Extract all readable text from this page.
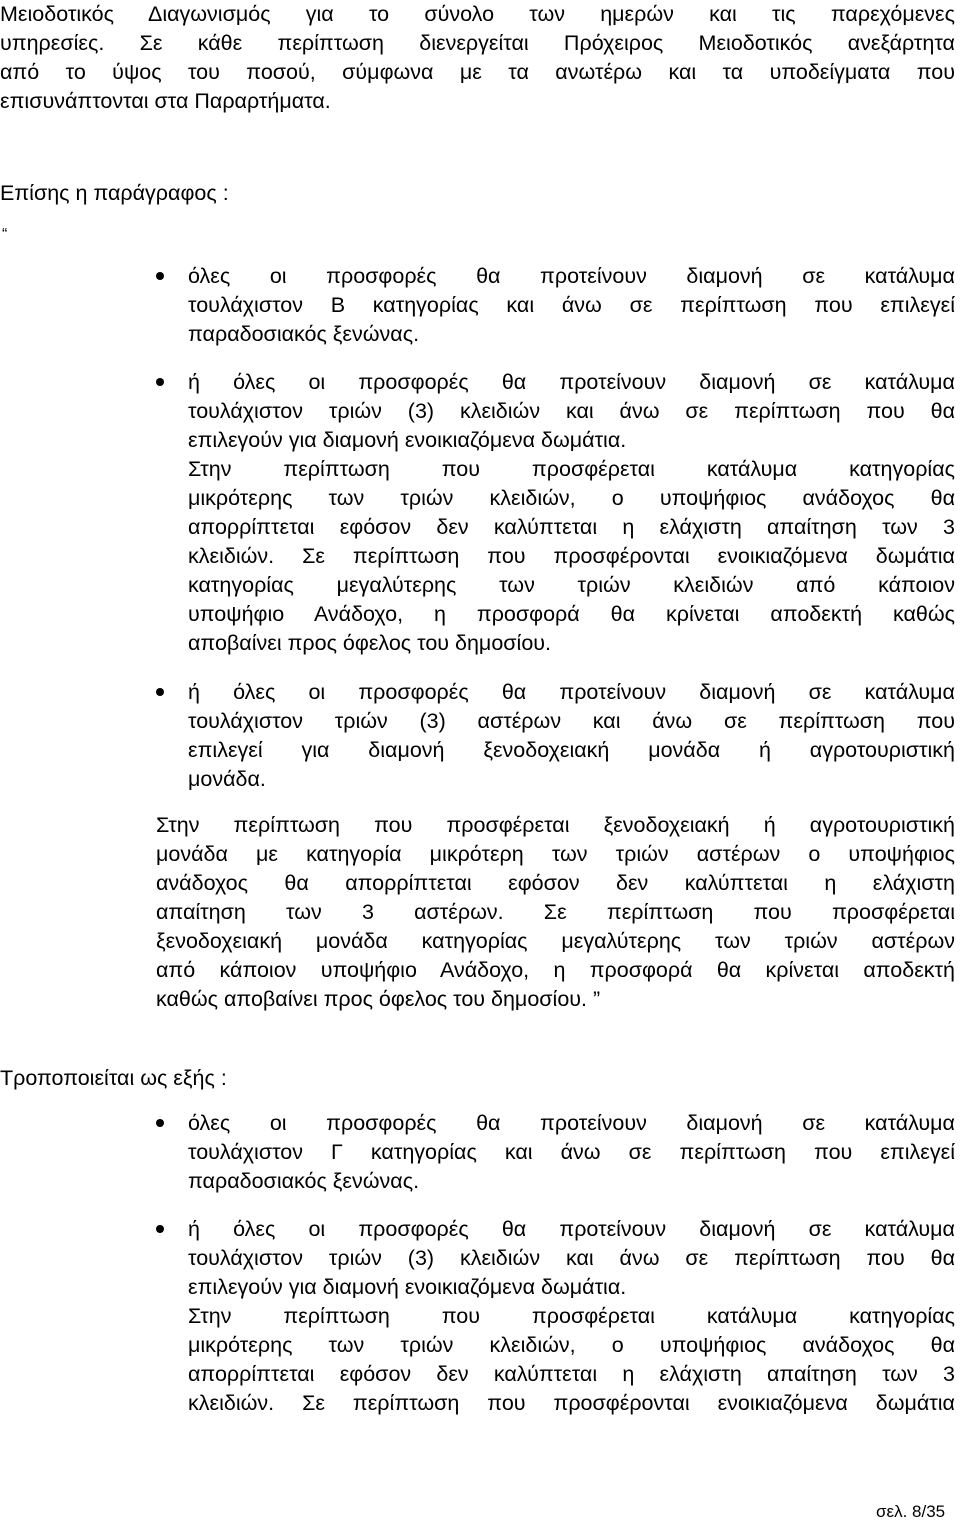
Μειοδοτικός Διαγωνισμός για το σύνολο των ημερών και τις παρεχόμενες
υπηρεσίες. Σε κάθε περίπτωση διενεργείται Πρόχειρος Μειοδοτικός ανεξάρτητα
από το ύψος του ποσού, σύμφωνα με τα ανωτέρω και τα υποδείγματα που
επισυνάπτονται στα Παραρτήματα.
Επίσης η παράγραφος :
“
όλες οι προσφορές θα προτείνουν διαμονή σε κατάλυμα
τουλάχιστον Β κατηγορίας και άνω σε περίπτωση που επιλεγεί
παραδοσιακός ξενώνας.
ή όλες οι προσφορές θα προτείνουν διαμονή σε κατάλυμα
τουλάχιστον τριών (3) κλειδιών και άνω σε περίπτωση που θα
επιλεγούν για διαμονή ενοικιαζόμενα δωμάτια.
Στην περίπτωση που προσφέρεται κατάλυμα κατηγορίας
μικρότερης των τριών κλειδιών, ο υποψήφιος ανάδοχος θα
απορρίπτεται εφόσον δεν καλύπτεται η ελάχιστη απαίτηση των 3
κλειδιών. Σε περίπτωση που προσφέρονται ενοικιαζόμενα δωμάτια
κατηγορίας μεγαλύτερης των τριών κλειδιών από κάποιον
υποψήφιο Ανάδοχο, η προσφορά θα κρίνεται αποδεκτή καθώς
αποβαίνει προς όφελος του δημοσίου.
ή όλες οι προσφορές θα προτείνουν διαμονή σε κατάλυμα
τουλάχιστον τριών (3) αστέρων και άνω σε περίπτωση που
επιλεγεί για διαμονή ξενοδοχειακή μονάδα ή αγροτουριστική
μονάδα.
Στην περίπτωση που προσφέρεται ξενοδοχειακή ή αγροτουριστική
μονάδα με κατηγορία μικρότερη των τριών αστέρων ο υποψήφιος
ανάδοχος θα απορρίπτεται εφόσον δεν καλύπτεται η ελάχιστη
απαίτηση των 3 αστέρων. Σε περίπτωση που προσφέρεται
ξενοδοχειακή μονάδα κατηγορίας μεγαλύτερης των τριών αστέρων
από κάποιον υποψήφιο Ανάδοχο, η προσφορά θα κρίνεται αποδεκτή
καθώς αποβαίνει προς όφελος του δημοσίου. ”
Τροποποιείται ως εξής :
όλες οι προσφορές θα προτείνουν διαμονή σε κατάλυμα
τουλάχιστον Γ κατηγορίας και άνω σε περίπτωση που επιλεγεί
παραδοσιακός ξενώνας.
ή όλες οι προσφορές θα προτείνουν διαμονή σε κατάλυμα
τουλάχιστον τριών (3) κλειδιών και άνω σε περίπτωση που θα
επιλεγούν για διαμονή ενοικιαζόμενα δωμάτια.
Στην περίπτωση που προσφέρεται κατάλυμα κατηγορίας
μικρότερης των τριών κλειδιών, ο υποψήφιος ανάδοχος θα
απορρίπτεται εφόσον δεν καλύπτεται η ελάχιστη απαίτηση των 3
κλειδιών. Σε περίπτωση που προσφέρονται ενοικιαζόμενα δωμάτια
σελ. 8/35
